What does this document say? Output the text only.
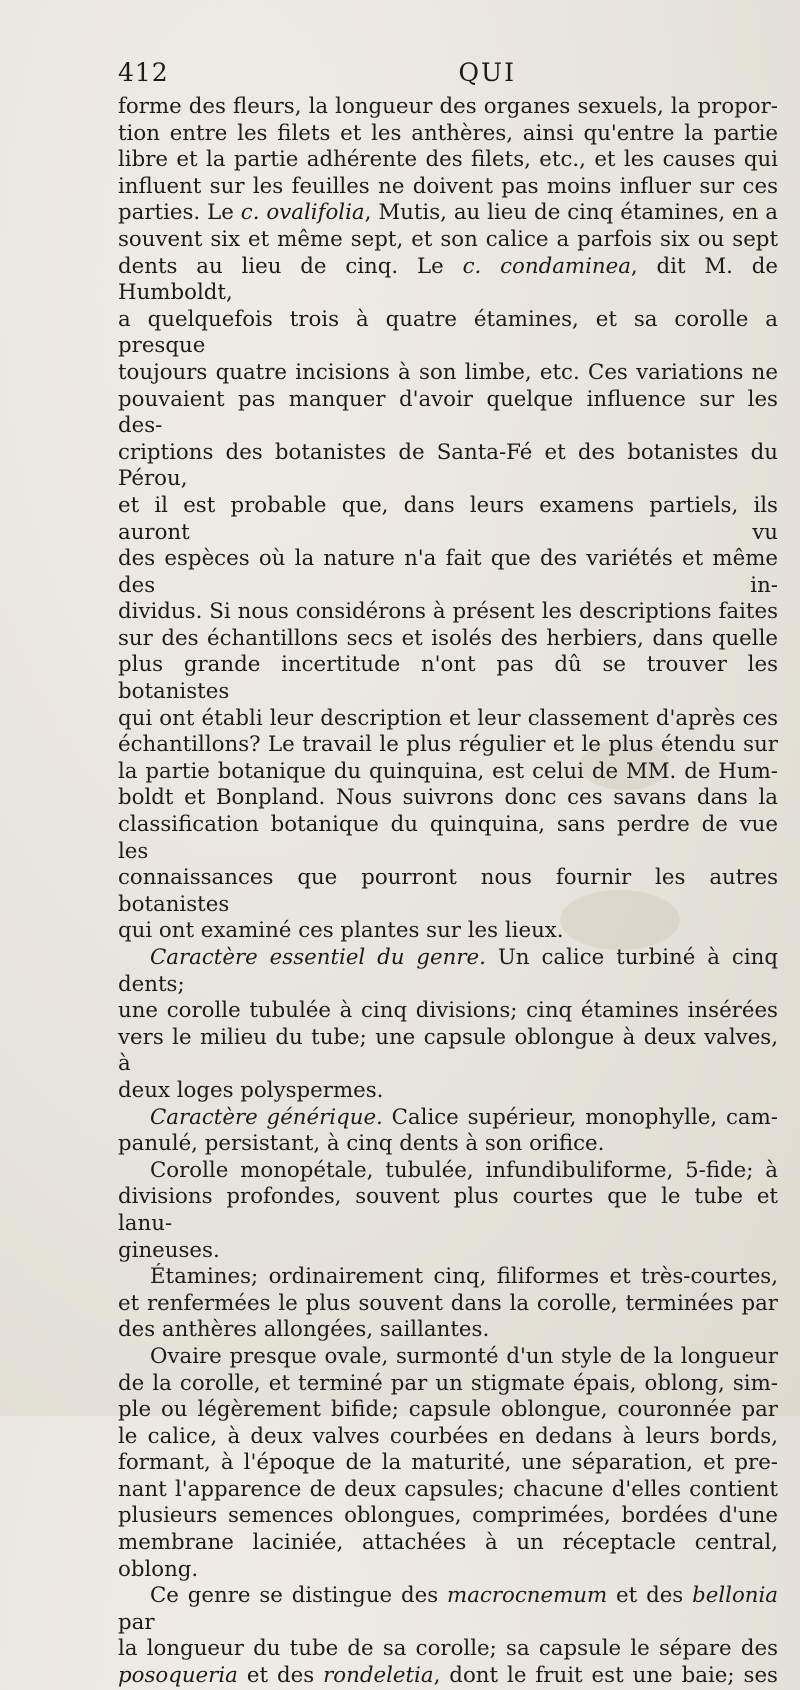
412	QUI
forme des fleurs, la longueur des organes sexuels, la propor-
tion entre les filets et les anthères, ainsi qu'entre la partie
libre et la partie adhérente des filets, etc., et les causes qui
influent sur les feuilles ne doivent pas moins influer sur ces
parties. Le c. ovalifolia, Mutis, au lieu de cinq étamines, en a
souvent six et même sept, et son calice a parfois six ou sept
dents au lieu de cinq. Le c. condaminea, dit M. de Humboldt,
a quelquefois trois à quatre étamines, et sa corolle a presque
toujours quatre incisions à son limbe, etc. Ces variations ne
pouvaient pas manquer d'avoir quelque influence sur les des-
criptions des botanistes de Santa-Fé et des botanistes du Pérou,
et il est probable que, dans leurs examens partiels, ils auront vu
des espèces où la nature n'a fait que des variétés et même des in-
dividus. Si nous considérons à présent les descriptions faites
sur des échantillons secs et isolés des herbiers, dans quelle
plus grande incertitude n'ont pas dû se trouver les botanistes
qui ont établi leur description et leur classement d'après ces
échantillons? Le travail le plus régulier et le plus étendu sur
la partie botanique du quinquina, est celui de MM. de Hum-
boldt et Bonpland. Nous suivrons donc ces savans dans la
classification botanique du quinquina, sans perdre de vue les
connaissances que pourront nous fournir les autres botanistes
qui ont examiné ces plantes sur les lieux.
Caractère essentiel du genre. Un calice turbiné à cinq dents;
une corolle tubulée à cinq divisions; cinq étamines insérées
vers le milieu du tube; une capsule oblongue à deux valves, à
deux loges polyspermes.
Caractère générique. Calice supérieur, monophylle, cam-
panulé, persistant, à cinq dents à son orifice.
Corolle monopétale, tubulée, infundibuliforme, 5-fide; à
divisions profondes, souvent plus courtes que le tube et lanu-
gineuses.
Étamines; ordinairement cinq, filiformes et très-courtes,
et renfermées le plus souvent dans la corolle, terminées par
des anthères allongées, saillantes.
Ovaire presque ovale, surmonté d'un style de la longueur
de la corolle, et terminé par un stigmate épais, oblong, sim-
ple ou légèrement bifide; capsule oblongue, couronnée par
le calice, à deux valves courbées en dedans à leurs bords,
formant, à l'époque de la maturité, une séparation, et pre-
nant l'apparence de deux capsules; chacune d'elles contient
plusieurs semences oblongues, comprimées, bordées d'une
membrane laciniée, attachées à un réceptacle central, oblong.
Ce genre se distingue des macrocnemum et des bellonia par
la longueur du tube de sa corolle; sa capsule le sépare des
posoqueria et des rondeletia, dont le fruit est une baie; ses
